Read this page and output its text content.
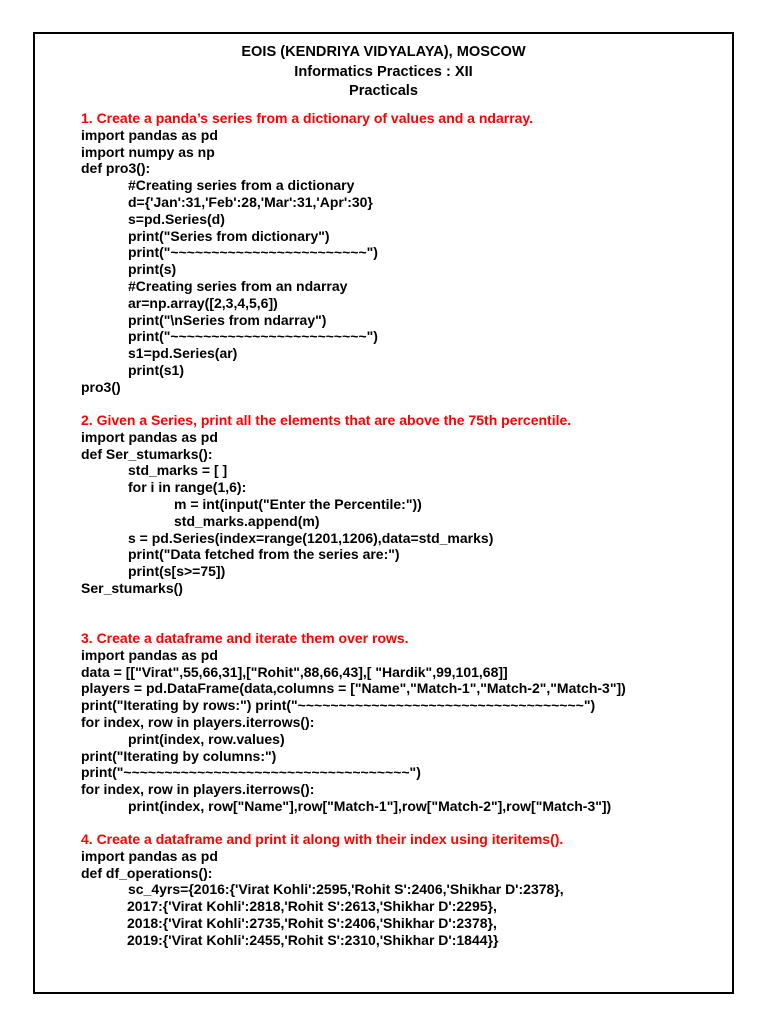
EOIS (KENDRIYA VIDYALAYA), MOSCOW
Informatics Practices : XII
Practicals
1. Create a panda’s series from a dictionary of values and a ndarray.
import pandas as pd
import numpy as np
def pro3():
#Creating series from a dictionary
d={'Jan':31,'Feb':28,'Mar':31,'Apr':30}
s=pd.Series(d)
print("Series from dictionary")
print("~~~~~~~~~~~~~~~~~~~~~~~~")
print(s)
#Creating series from an ndarray
ar=np.array([2,3,4,5,6])
print("\nSeries from ndarray")
print("~~~~~~~~~~~~~~~~~~~~~~~~")
s1=pd.Series(ar)
print(s1)
pro3()
2. Given a Series, print all the elements that are above the 75th percentile.
import pandas as pd
def Ser_stumarks():
std_marks = [ ]
for i in range(1,6):
m = int(input("Enter the Percentile:"))
std_marks.append(m)
s = pd.Series(index=range(1201,1206),data=std_marks)
print("Data fetched from the series are:")
print(s[s>=75])
Ser_stumarks()
3. Create a dataframe and iterate them over rows.
import pandas as pd
data = [["Virat",55,66,31],["Rohit",88,66,43],[ "Hardik",99,101,68]]
players = pd.DataFrame(data,columns = ["Name","Match-1","Match-2","Match-3"])
print("Iterating by rows:") print("~~~~~~~~~~~~~~~~~~~~~~~~~~~~~~~~~~~")
for index, row in players.iterrows():
print(index, row.values)
print("Iterating by columns:")
print("~~~~~~~~~~~~~~~~~~~~~~~~~~~~~~~~~~~")
for index, row in players.iterrows():
print(index, row["Name"],row["Match-1"],row["Match-2"],row["Match-3"])
4. Create a dataframe and print it along with their index using iteritems().
import pandas as pd
def df_operations():
sc_4yrs={2016:{'Virat Kohli':2595,'Rohit S':2406,'Shikhar D':2378},
2017:{'Virat Kohli':2818,'Rohit S':2613,'Shikhar D':2295},
2018:{'Virat Kohli':2735,'Rohit S':2406,'Shikhar D':2378},
2019:{'Virat Kohli':2455,'Rohit S':2310,'Shikhar D':1844}}
